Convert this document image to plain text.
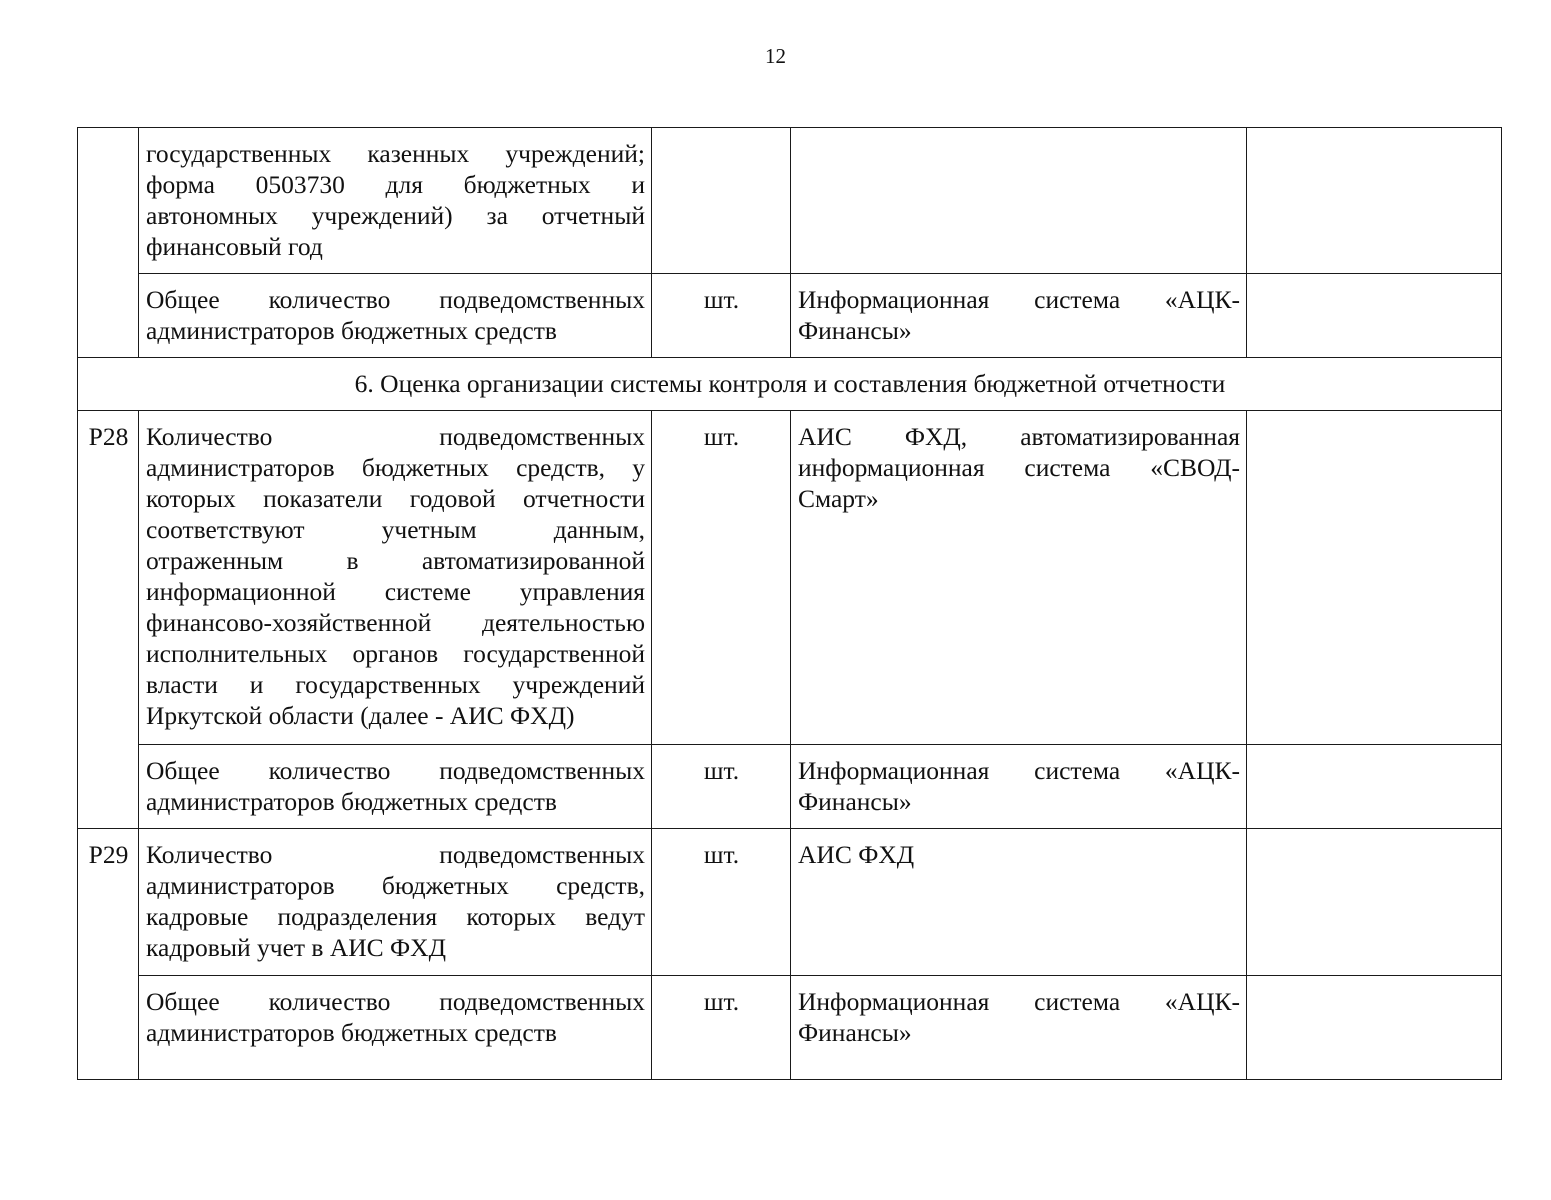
12
	государственных казенных учреждений; форма 0503730 для бюджетных и автономных учреждений) за отчетный финансовый год			
	Общее количество подведомственных администраторов бюджетных средств	шт.	Информационная система «АЦК-Финансы»	
6. Оценка организации системы контроля и составления бюджетной отчетности				
Р28	Количество подведомственных администраторов бюджетных средств, у которых показатели годовой отчетности соответствуют учетным данным, отраженным в автоматизированной информационной системе управления финансово-хозяйственной деятельностью исполнительных органов государственной власти и государственных учреждений Иркутской области (далее - АИС ФХД)	шт.	АИС ФХД, автоматизированная информационная система «СВОД-Смарт»	
	Общее количество подведомственных администраторов бюджетных средств	шт.	Информационная система «АЦК-Финансы»	
Р29	Количество подведомственных администраторов бюджетных средств, кадровые подразделения которых ведут кадровый учет в АИС ФХД	шт.	АИС ФХД	
	Общее количество подведомственных администраторов бюджетных средств	шт.	Информационная система «АЦК-Финансы»	
